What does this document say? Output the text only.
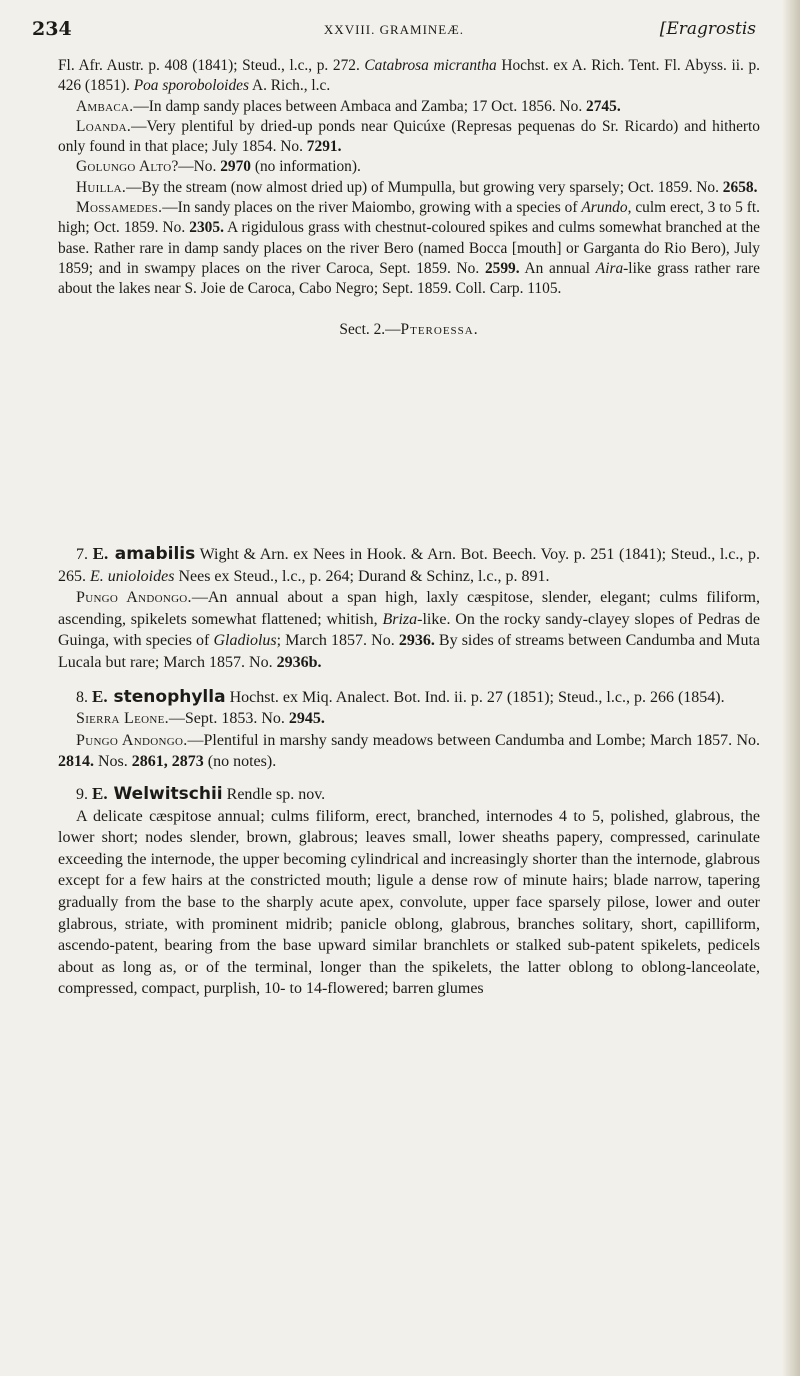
234	XXVIII. GRAMINEÆ.	[Eragrostis

Fl. Afr. Austr. p. 408 (1841); Steud., l.c., p. 272. Catabrosa micrantha Hochst. ex A. Rich. Tent. Fl. Abyss. ii. p. 426 (1851). Poa sporoboloides A. Rich., l.c.

Ambaca.—In damp sandy places between Ambaca and Zamba; 17 Oct. 1856. No. 2745.

Loanda.—Very plentiful by dried-up ponds near Quicúxe (Represas pequenas do Sr. Ricardo) and hitherto only found in that place; July 1854. No. 7291.

Golungo Alto?—No. 2970 (no information).

Huilla.—By the stream (now almost dried up) of Mumpulla, but growing very sparsely; Oct. 1859. No. 2658.

Mossamedes.—In sandy places on the river Maiombo, growing with a species of Arundo, culm erect, 3 to 5 ft. high; Oct. 1859. No. 2305. A rigidulous grass with chestnut-coloured spikes and culms somewhat branched at the base. Rather rare in damp sandy places on the river Bero (named Bocca [mouth] or Garganta do Rio Bero), July 1859; and in swampy places on the river Caroca, Sept. 1859. No. 2599. An annual Aira-like grass rather rare about the lakes near S. Joie de Caroca, Cabo Negro; Sept. 1859. Coll. Carp. 1105.

Sect. 2.—Pteroessa.

7. E. amabilis Wight & Arn. ex Nees in Hook. & Arn. Bot. Beech. Voy. p. 251 (1841); Steud., l.c., p. 265. E. unioloides Nees ex Steud., l.c., p. 264; Durand & Schinz, l.c., p. 891.

Pungo Andongo.—An annual about a span high, laxly cæspitose, slender, elegant; culms filiform, ascending, spikelets somewhat flattened; whitish, Briza-like. On the rocky sandy-clayey slopes of Pedras de Guinga, with species of Gladiolus; March 1857. No. 2936. By sides of streams between Candumba and Muta Lucala but rare; March 1857. No. 2936b.

8. E. stenophylla Hochst. ex Miq. Analect. Bot. Ind. ii. p. 27 (1851); Steud., l.c., p. 266 (1854).

Sierra Leone.—Sept. 1853. No. 2945.

Pungo Andongo.—Plentiful in marshy sandy meadows between Candumba and Lombe; March 1857. No. 2814. Nos. 2861, 2873 (no notes).

9. E. Welwitschii Rendle sp. nov.

A delicate cæspitose annual; culms filiform, erect, branched, internodes 4 to 5, polished, glabrous, the lower short; nodes slender, brown, glabrous; leaves small, lower sheaths papery, compressed, carinulate exceeding the internode, the upper becoming cylindrical and increasingly shorter than the internode, glabrous except for a few hairs at the constricted mouth; ligule a dense row of minute hairs; blade narrow, tapering gradually from the base to the sharply acute apex, convolute, upper face sparsely pilose, lower and outer glabrous, striate, with prominent midrib; panicle oblong, glabrous, branches solitary, short, capilliform, ascendo-patent, bearing from the base upward similar branchlets or stalked sub-patent spikelets, pedicels about as long as, or of the terminal, longer than the spikelets, the latter oblong to oblong-lanceolate, compressed, compact, purplish, 10- to 14-flowered; barren glumes
